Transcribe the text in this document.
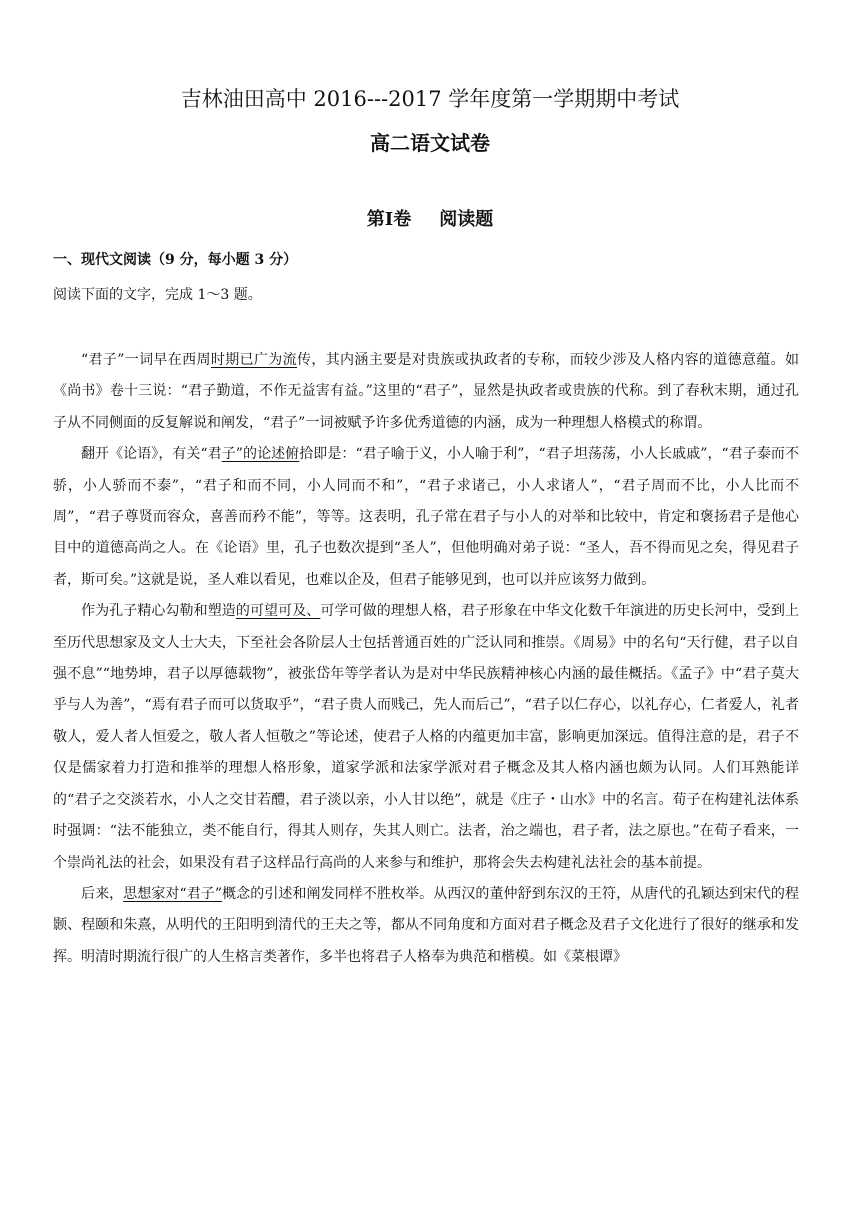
吉林油田高中 2016---2017 学年度第一学期期中考试
高二语文试卷
第Ⅰ卷 阅读题
一、现代文阅读（9 分，每小题 3 分）
阅读下面的文字，完成 1～3 题。

“君子”一词早在西周时期已广为流传，其内涵主要是对贵族或执政者的专称，而较少涉及人格内容的道德意蕴。如《尚书》卷十三说：“君子勤道，不作无益害有益。”这里的“君子”，显然是执政者或贵族的代称。到了春秋末期，通过孔子从不同侧面的反复解说和阐发，“君子”一词被赋予许多优秀道德的内涵，成为一种理想人格模式的称谓。

翻开《论语》，有关“君子”的论述俯拾即是：“君子喻于义，小人喻于利”，“君子坦荡荡，小人长戚戚”，“君子泰而不骄，小人骄而不泰”，“君子和而不同，小人同而不和”，“君子求诸己，小人求诸人”，“君子周而不比，小人比而不周”，“君子尊贤而容众，喜善而矜不能”，等等。这表明，孔子常在君子与小人的对举和比较中，肯定和褒扬君子是他心目中的道德高尚之人。在《论语》里，孔子也数次提到“圣人”，但他明确对弟子说：“圣人，吾不得而见之矣，得见君子者，斯可矣。”这就是说，圣人难以看见，也难以企及，但君子能够见到，也可以并应该努力做到。

作为孔子精心勾勒和塑造的可望可及、可学可做的理想人格，君子形象在中华文化数千年演进的历史长河中，受到上至历代思想家及文人士大夫，下至社会各阶层人士包括普通百姓的广泛认同和推崇。《周易》中的名句“天行健，君子以自强不息”“地势坤，君子以厚德载物”，被张岱年等学者认为是对中华民族精神核心内涵的最佳概括。《孟子》中“君子莫大乎与人为善”，“焉有君子而可以货取乎”，“君子贵人而贱己，先人而后己”，“君子以仁存心，以礼存心，仁者爱人，礼者敬人，爱人者人恒爱之，敬人者人恒敬之”等论述，使君子人格的内蕴更加丰富，影响更加深远。值得注意的是，君子不仅是儒家着力打造和推举的理想人格形象，道家学派和法家学派对君子概念及其人格内涵也颇为认同。人们耳熟能详的“君子之交淡若水，小人之交甘若醴，君子淡以亲，小人甘以绝”，就是《庄子・山水》中的名言。荀子在构建礼法体系时强调：“法不能独立，类不能自行，得其人则存，失其人则亡。法者，治之端也，君子者，法之原也。”在荀子看来，一个崇尚礼法的社会，如果没有君子这样品行高尚的人来参与和维护，那将会失去构建礼法社会的基本前提。

后来，思想家对“君子”概念的引述和阐发同样不胜枚举。从西汉的董仲舒到东汉的王符，从唐代的孔颖达到宋代的程颢、程颐和朱熹，从明代的王阳明到清代的王夫之等，都从不同角度和方面对君子概念及君子文化进行了很好的继承和发挥。明清时期流行很广的人生格言类著作，多半也将君子人格奉为典范和楷模。如《菜根谭》
